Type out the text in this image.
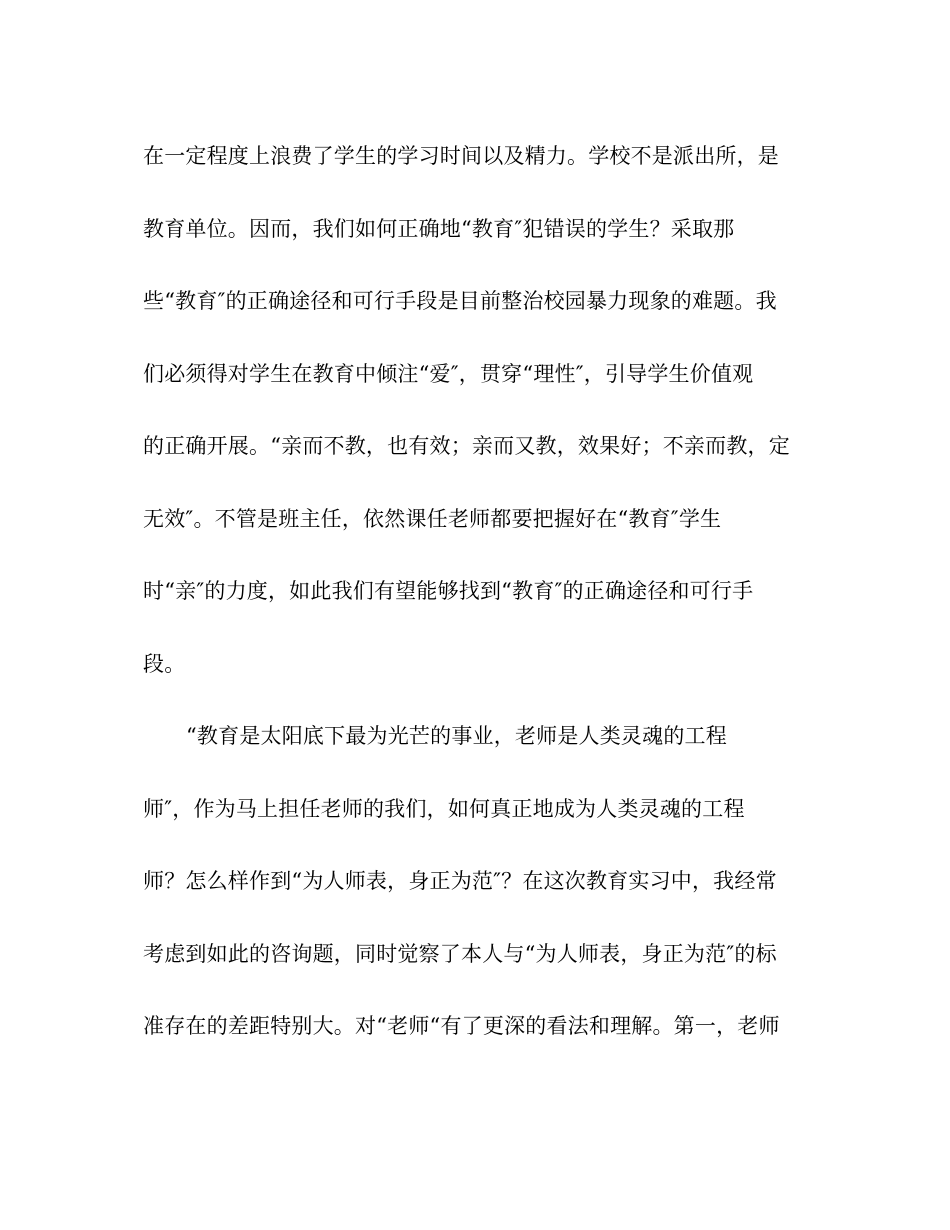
在一定程度上浪费了学生的学习时间以及精力。学校不是派出所，是
教育单位。因而，我们如何正确地“教育″犯错误的学生？采取那
些“教育″的正确途径和可行手段是目前整治校园暴力现象的难题。我
们必须得对学生在教育中倾注“爱″，贯穿“理性″，引导学生价值观
的正确开展。“亲而不教，也有效；亲而又教，效果好；不亲而教，定
无效″。不管是班主任，依然课任老师都要把握好在“教育″学生
时“亲″的力度，如此我们有望能够找到“教育″的正确途径和可行手
段。
“教育是太阳底下最为光芒的事业，老师是人类灵魂的工程
师″，作为马上担任老师的我们，如何真正地成为人类灵魂的工程
师？怎么样作到“为人师表，身正为范″？在这次教育实习中，我经常
考虑到如此的咨询题，同时觉察了本人与“为人师表，身正为范″的标
准存在的差距特别大。对“老师“有了更深的看法和理解。第一，老师
